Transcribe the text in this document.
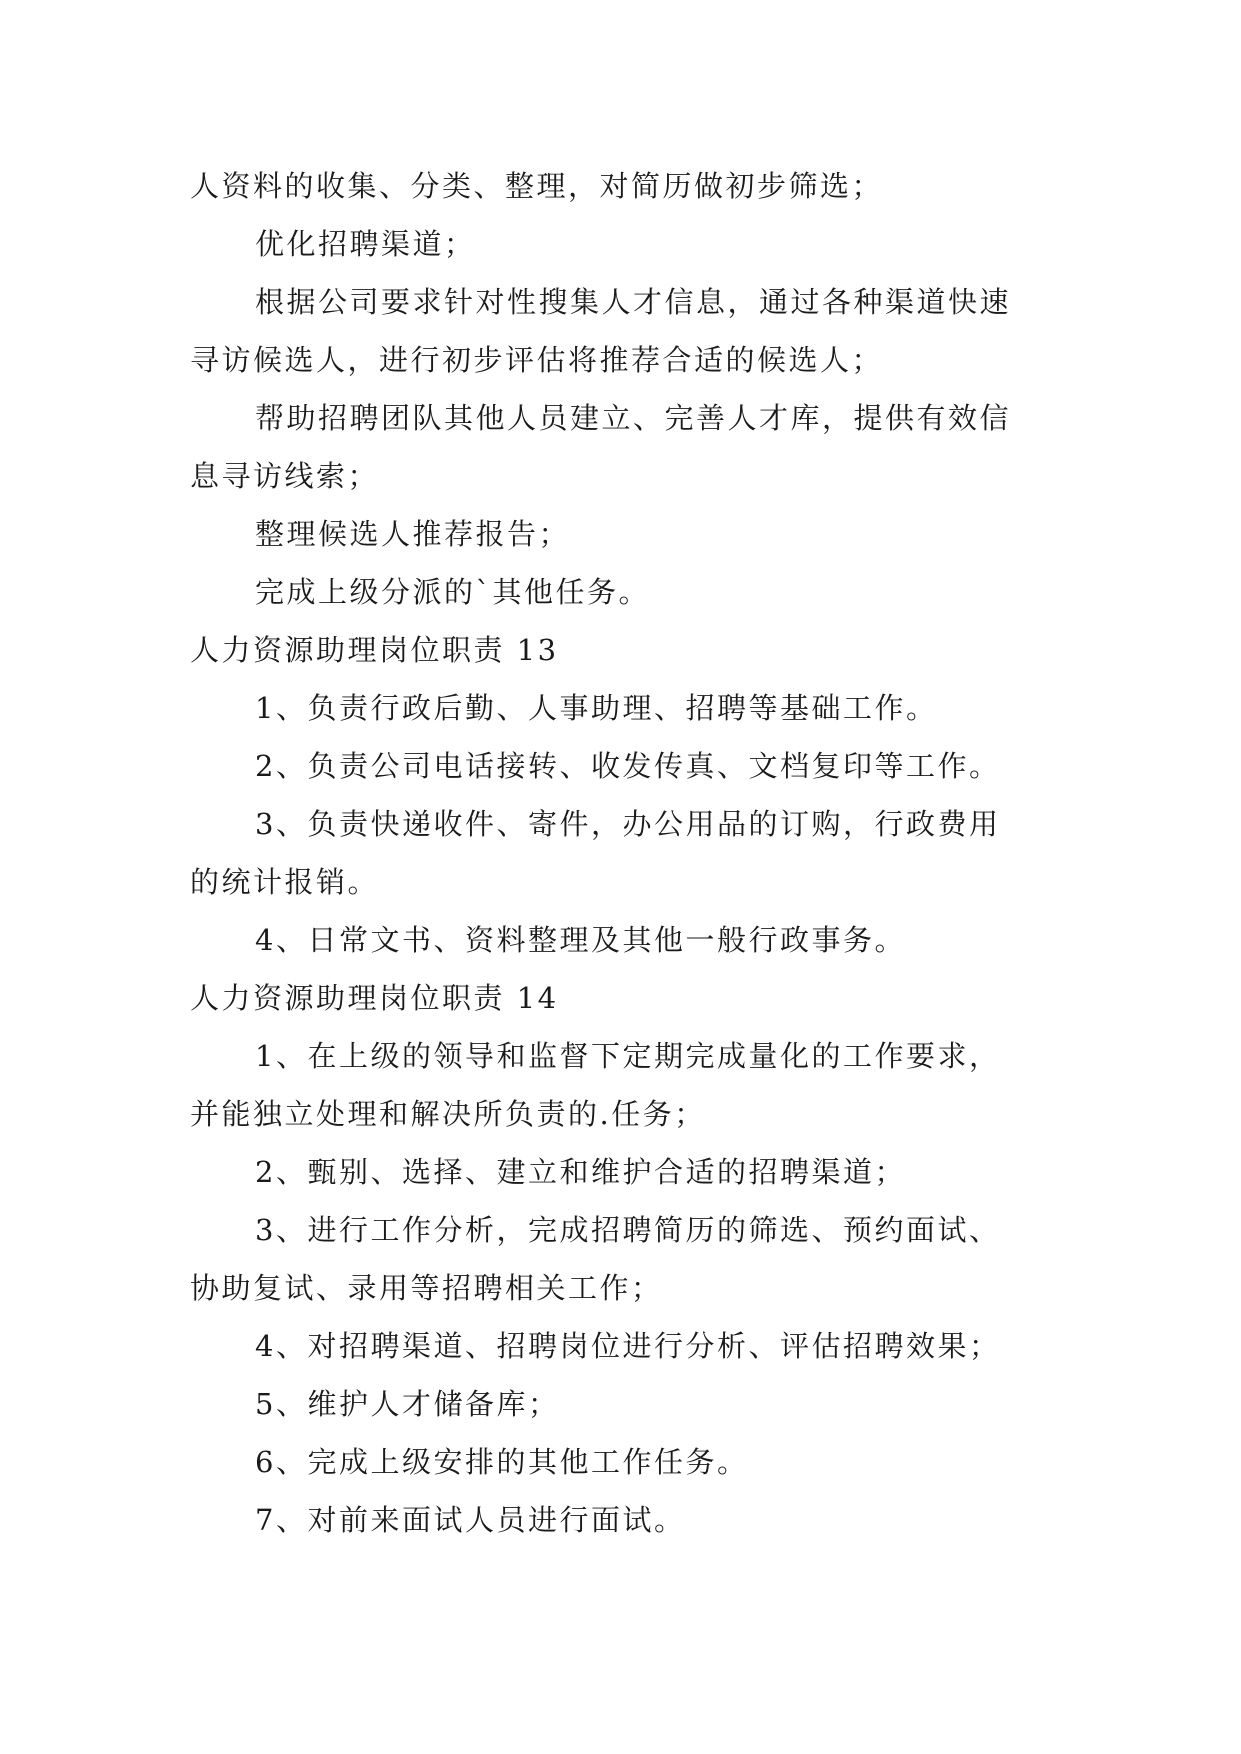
人资料的收集、分类、整理，对简历做初步筛选；
优化招聘渠道；
根据公司要求针对性搜集人才信息，通过各种渠道快速
寻访候选人，进行初步评估将推荐合适的候选人；
帮助招聘团队其他人员建立、完善人才库，提供有效信
息寻访线索；
整理候选人推荐报告；
完成上级分派的`其他任务。
人力资源助理岗位职责 13
1、负责行政后勤、人事助理、招聘等基础工作。
2、负责公司电话接转、收发传真、文档复印等工作。
3、负责快递收件、寄件，办公用品的订购，行政费用
的统计报销。
4、日常文书、资料整理及其他一般行政事务。
人力资源助理岗位职责 14
1、在上级的领导和监督下定期完成量化的工作要求，
并能独立处理和解决所负责的.任务；
2、甄别、选择、建立和维护合适的招聘渠道；
3、进行工作分析，完成招聘简历的筛选、预约面试、
协助复试、录用等招聘相关工作；
4、对招聘渠道、招聘岗位进行分析、评估招聘效果；
5、维护人才储备库；
6、完成上级安排的其他工作任务。
7、对前来面试人员进行面试。
